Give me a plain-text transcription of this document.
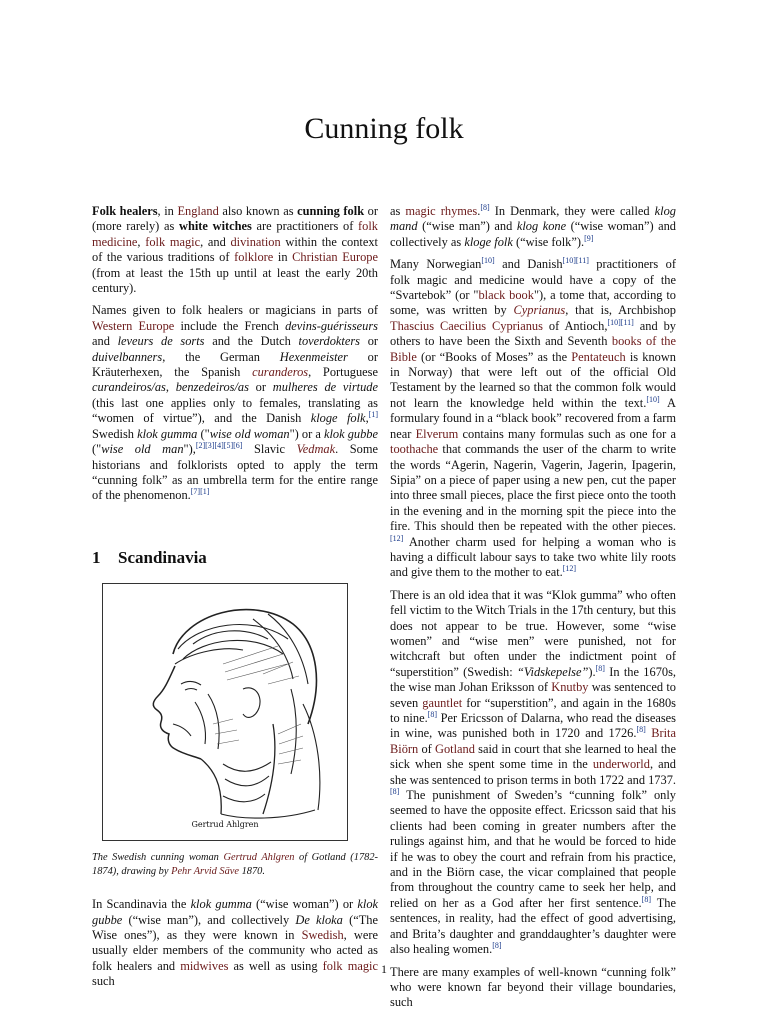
Cunning folk

Folk healers, in England also known as cunning folk or (more rarely) as white witches are practitioners of folk medicine, folk magic, and divination within the context of the various traditions of folklore in Christian Europe (from at least the 15th up until at least the early 20th century).

Names given to folk healers or magicians in parts of Western Europe include the French devins-guérisseurs and leveurs de sorts and the Dutch toverdokters or duivelbanners, the German Hexenmeister or Kräuterhexen, the Spanish curanderos, Portuguese curandeiros/as, benzedeiros/as or mulheres de virtude (this last one applies only to females, translating as “women of virtue”), and the Danish kloge folk,[1] Swedish klok gumma ("wise old woman") or a klok gubbe ("wise old man"),[2][3][4][5][6] Slavic Vedmak. Some historians and folklorists opted to apply the term “cunning folk” as an umbrella term for the entire range of the phenomenon.[7][1]

1 Scandinavia
Gertrud Ahlgren
The Swedish cunning woman Gertrud Ahlgren of Gotland (1782-1874), drawing by Pehr Arvid Säve 1870.

In Scandinavia the klok gumma (“wise woman”) or klok gubbe (“wise man”), and collectively De kloka (“The Wise ones”), as they were known in Swedish, were usually elder members of the community who acted as folk healers and midwives as well as using folk magic such

as magic rhymes.[8] In Denmark, they were called klog mand (“wise man”) and klog kone (“wise woman”) and collectively as kloge folk (“wise folk”).[9]

Many Norwegian[10] and Danish[10][11] practitioners of folk magic and medicine would have a copy of the “Svartebok” (or "black book"), a tome that, according to some, was written by Cyprianus, that is, Archbishop Thascius Caecilius Cyprianus of Antioch,[10][11] and by others to have been the Sixth and Seventh books of the Bible (or “Books of Moses” as the Pentateuch is known in Norway) that were left out of the official Old Testament by the learned so that the common folk would not learn the knowledge held within the text.[10] A formulary found in a “black book” recovered from a farm near Elverum contains many formulas such as one for a toothache that commands the user of the charm to write the words “Agerin, Nagerin, Vagerin, Jagerin, Ipagerin, Sipia” on a piece of paper using a new pen, cut the paper into three small pieces, place the first piece onto the tooth in the evening and in the morning spit the piece into the fire. This should then be repeated with the other pieces.[12] Another charm used for helping a woman who is having a difficult labour says to take two white lily roots and give them to the mother to eat.[12]

There is an old idea that it was “Klok gumma” who often fell victim to the Witch Trials in the 17th century, but this does not appear to be true. However, some “wise women” and “wise men” were punished, not for witchcraft but often under the indictment point of “superstition” (Swedish: “Vidskepelse”).[8] In the 1670s, the wise man Johan Eriksson of Knutby was sentenced to seven gauntlet for “superstition”, and again in the 1680s to nine.[8] Per Ericsson of Dalarna, who read the diseases in wine, was punished both in 1720 and 1726.[8] Brita Biörn of Gotland said in court that she learned to heal the sick when she spent some time in the underworld, and she was sentenced to prison terms in both 1722 and 1737.[8] The punishment of Sweden’s “cunning folk” only seemed to have the opposite effect. Ericsson said that his clients had been coming in greater numbers after the rulings against him, and that he would be forced to hide if he was to obey the court and refrain from his practice, and in the Biörn case, the vicar complained that people from throughout the country came to seek her help, and relied on her as a God after her first sentence.[8] The sentences, in reality, had the effect of good advertising, and Brita’s daughter and granddaughter’s daughter were also healing women.[8]

There are many examples of well-known “cunning folk” who were known far beyond their village boundaries, such

1
